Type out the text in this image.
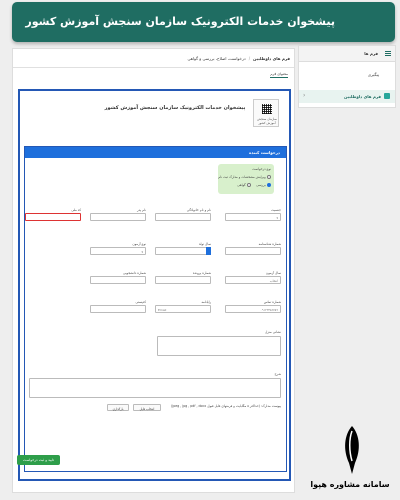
پیشخوان خدمات الکترونیک سازمان سنجش آموزش کشور
فرم ها
پیگیری
فرم های داوطلبین
‹
فرم های داوطلبین/درخواست، اصلاح، بررسی و گواهی
محتوای فرم
سازمان سنجش آموزش کشور
پیشخوان خدمات الکترونیک سازمان سنجش آموزش کشور
درخواست کننده
نوع درخواست
ویرایش مشخصات و مدارک ثبت نام
بررسی  گواهی
جنسیت
▾
نام و نام خانوادگی
نام پدر
کد ملی
شماره شناسنامه
سال تولد
نوع آزمون
▾
سال آزمون
انتخاب
شماره پرونده
شماره دانشجویی
شماره تماس
۰۹۱۲۳۴۵۶۷۸۹
رایانامه
Email
کدپستی
نشانی منزل
شرح
پیوست مدارک: (حداکثر ۵ مگابایت و فرمتهای قابل قبول jpeg , jpg , pdf , docx)
انتخاب فایل
بارگذاری
تایید و ثبت درخواست
سامانه مشاوره هپوا
